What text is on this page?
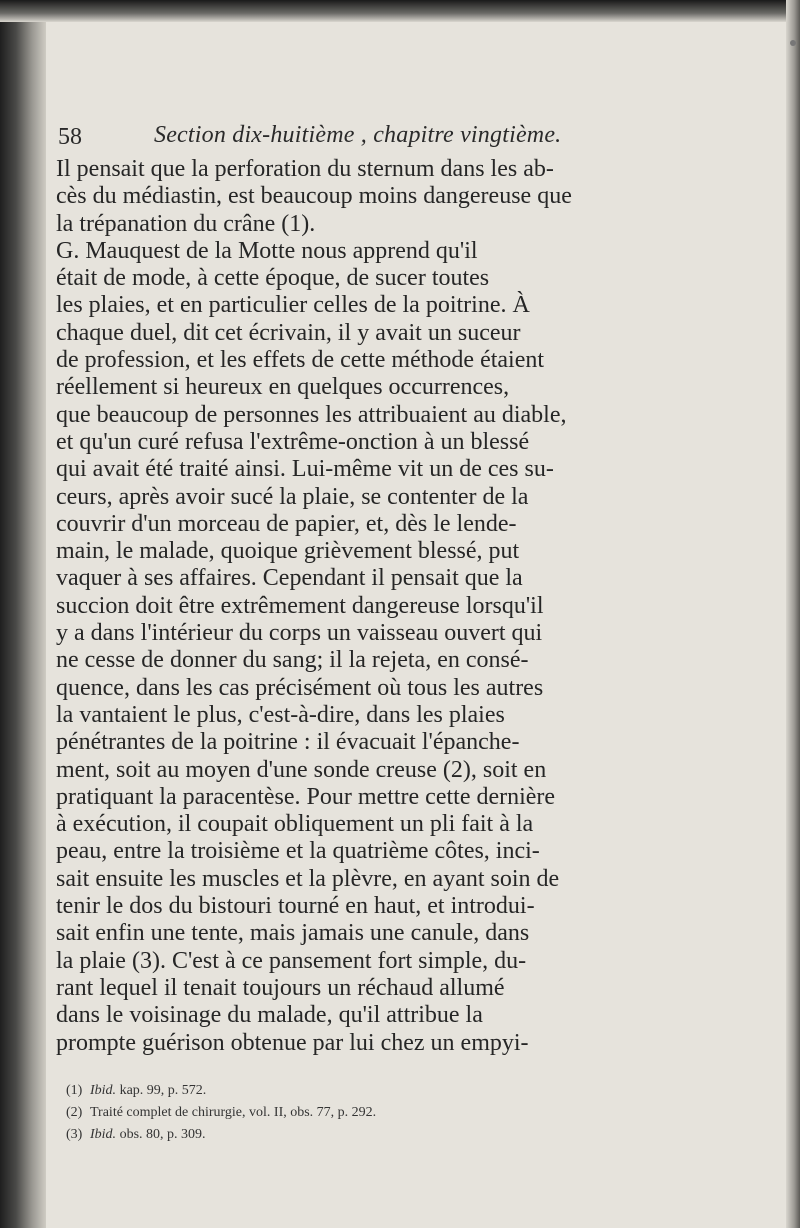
58	Section dix-huitième , chapitre vingtième.
Il pensait que la perforation du sternum dans les ab-
cès du médiastin, est beaucoup moins dangereuse que
la trépanation du crâne (1).
G. Mauquest de la Motte nous apprend qu'il
était de mode, à cette époque, de sucer toutes
les plaies, et en particulier celles de la poitrine. À
chaque duel, dit cet écrivain, il y avait un suceur
de profession, et les effets de cette méthode étaient
réellement si heureux en quelques occurrences,
que beaucoup de personnes les attribuaient au diable,
et qu'un curé refusa l'extrême-onction à un blessé
qui avait été traité ainsi. Lui-même vit un de ces su-
ceurs, après avoir sucé la plaie, se contenter de la
couvrir d'un morceau de papier, et, dès le lende-
main, le malade, quoique grièvement blessé, put
vaquer à ses affaires. Cependant il pensait que la
succion doit être extrêmement dangereuse lorsqu'il
y a dans l'intérieur du corps un vaisseau ouvert qui
ne cesse de donner du sang; il la rejeta, en consé-
quence, dans les cas précisément où tous les autres
la vantaient le plus, c'est-à-dire, dans les plaies
pénétrantes de la poitrine : il évacuait l'épanche-
ment, soit au moyen d'une sonde creuse (2), soit en
pratiquant la paracentèse. Pour mettre cette dernière
à exécution, il coupait obliquement un pli fait à la
peau, entre la troisième et la quatrième côtes, inci-
sait ensuite les muscles et la plèvre, en ayant soin de
tenir le dos du bistouri tourné en haut, et introdui-
sait enfin une tente, mais jamais une canule, dans
la plaie (3). C'est à ce pansement fort simple, du-
rant lequel il tenait toujours un réchaud allumé
dans le voisinage du malade, qu'il attribue la
prompte guérison obtenue par lui chez un empyi-
(1) Ibid. kap. 99, p. 572.
(2) Traité complet de chirurgie, vol. II, obs. 77, p. 292.
(3) Ibid. obs. 80, p. 309.
